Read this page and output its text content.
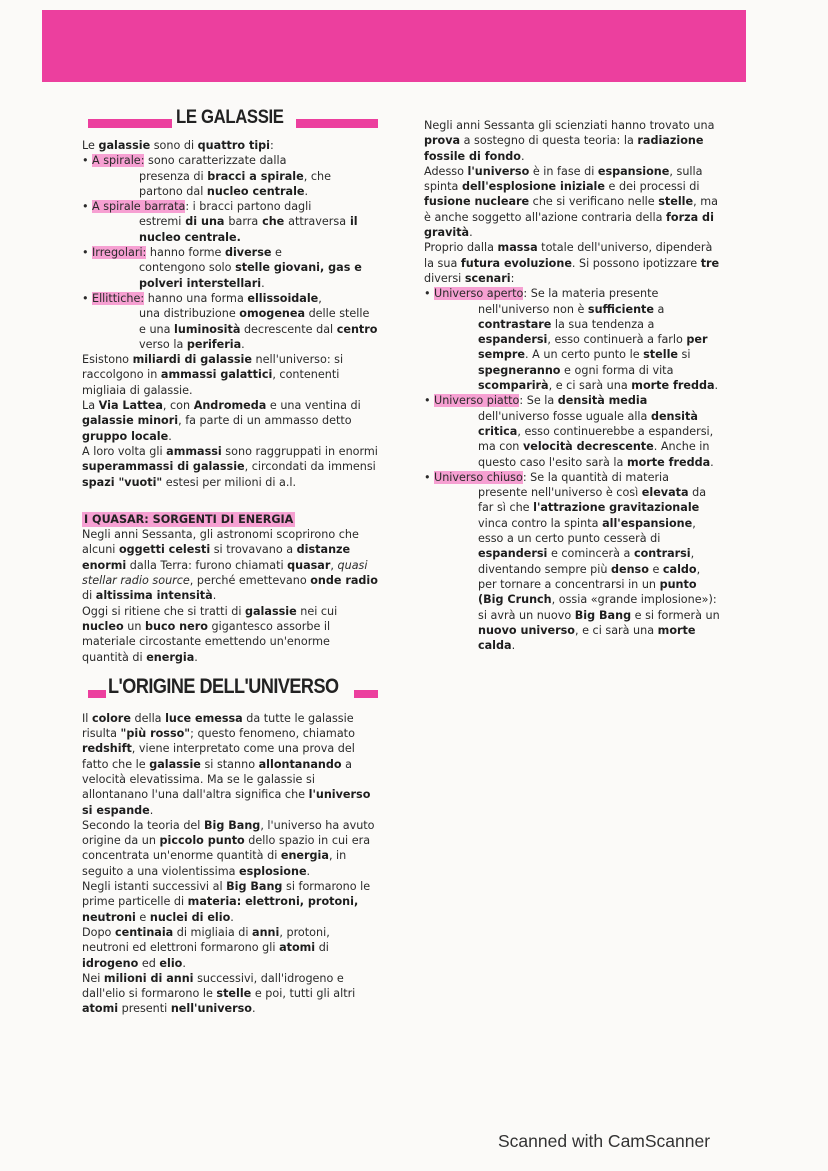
LE GALASSIE

Le galassie sono di quattro tipi:

•
A spirale: sono caratterizzate dalla
presenza di bracci a spirale, che partono dal nucleo centrale.
•
A spirale barrata: i bracci partono dagli
estremi di una barra che attraversa il nucleo centrale.
•
Irregolari: hanno forme diverse e
contengono solo stelle giovani, gas e polveri interstellari.
•
Ellittiche: hanno una forma ellissoidale,
una distribuzione omogenea delle stelle e una luminosità decrescente dal centro verso la periferia.

Esistono miliardi di galassie nell'universo: si raccolgono in ammassi galattici, contenenti migliaia di galassie.

La Via Lattea, con Andromeda e una ventina di galassie minori, fa parte di un ammasso detto gruppo locale.

A loro volta gli ammassi sono raggruppati in enormi superammassi di galassie, circondati da immensi spazi "vuoti" estesi per milioni di a.l.

I QUASAR: SORGENTI DI ENERGIA

Negli anni Sessanta, gli astronomi scoprirono che alcuni oggetti celesti si trovavano a distanze enormi dalla Terra: furono chiamati quasar, quasi stellar radio source, perché emettevano onde radio di altissima intensità.

Oggi si ritiene che si tratti di galassie nei cui nucleo un buco nero gigantesco assorbe il materiale circostante emettendo un'enorme quantità di energia.

L'ORIGINE DELL'UNIVERSO

Il colore della luce emessa da tutte le galassie risulta "più rosso"; questo fenomeno, chiamato redshift, viene interpretato come una prova del fatto che le galassie si stanno allontanando a velocità elevatissima. Ma se le galassie si allontanano l'una dall'altra significa che l'universo si espande.

Secondo la teoria del Big Bang, l'universo ha avuto origine da un piccolo punto dello spazio in cui era concentrata un'enorme quantità di energia, in seguito a una violentissima esplosione.

Negli istanti successivi al Big Bang si formarono le prime particelle di materia: elettroni, protoni, neutroni e nuclei di elio.

Dopo centinaia di migliaia di anni, protoni, neutroni ed elettroni formarono gli atomi di idrogeno ed elio.

Nei milioni di anni successivi, dall'idrogeno e dall'elio si formarono le stelle e poi, tutti gli altri atomi presenti nell'universo.

Negli anni Sessanta gli scienziati hanno trovato una prova a sostegno di questa teoria: la radiazione fossile di fondo.

Adesso l'universo è in fase di espansione, sulla spinta dell'esplosione iniziale e dei processi di fusione nucleare che si verificano nelle stelle, ma è anche soggetto all'azione contraria della forza di gravità.

Proprio dalla massa totale dell'universo, dipenderà la sua futura evoluzione. Si possono ipotizzare tre diversi scenari:

•
Universo aperto: Se la materia presente
nell'universo non è sufficiente a contrastare la sua tendenza a espandersi, esso continuerà a farlo per sempre. A un certo punto le stelle si spegneranno e ogni forma di vita scomparirà, e ci sarà una morte fredda.
•
Universo piatto: Se la densità media
dell'universo fosse uguale alla densità critica, esso continuerebbe a espandersi, ma con velocità decrescente. Anche in questo caso l'esito sarà la morte fredda.
•
Universo chiuso: Se la quantità di materia
presente nell'universo è così elevata da far sì che l'attrazione gravitazionale vinca contro la spinta all'espansione, esso a un certo punto cesserà di espandersi e comincerà a contrarsi, diventando sempre più denso e caldo, per tornare a concentrarsi in un punto (Big Crunch, ossia «grande implosione»): si avrà un nuovo Big Bang e si formerà un nuovo universo, e ci sarà una morte calda.
Scanned with CamScanner
